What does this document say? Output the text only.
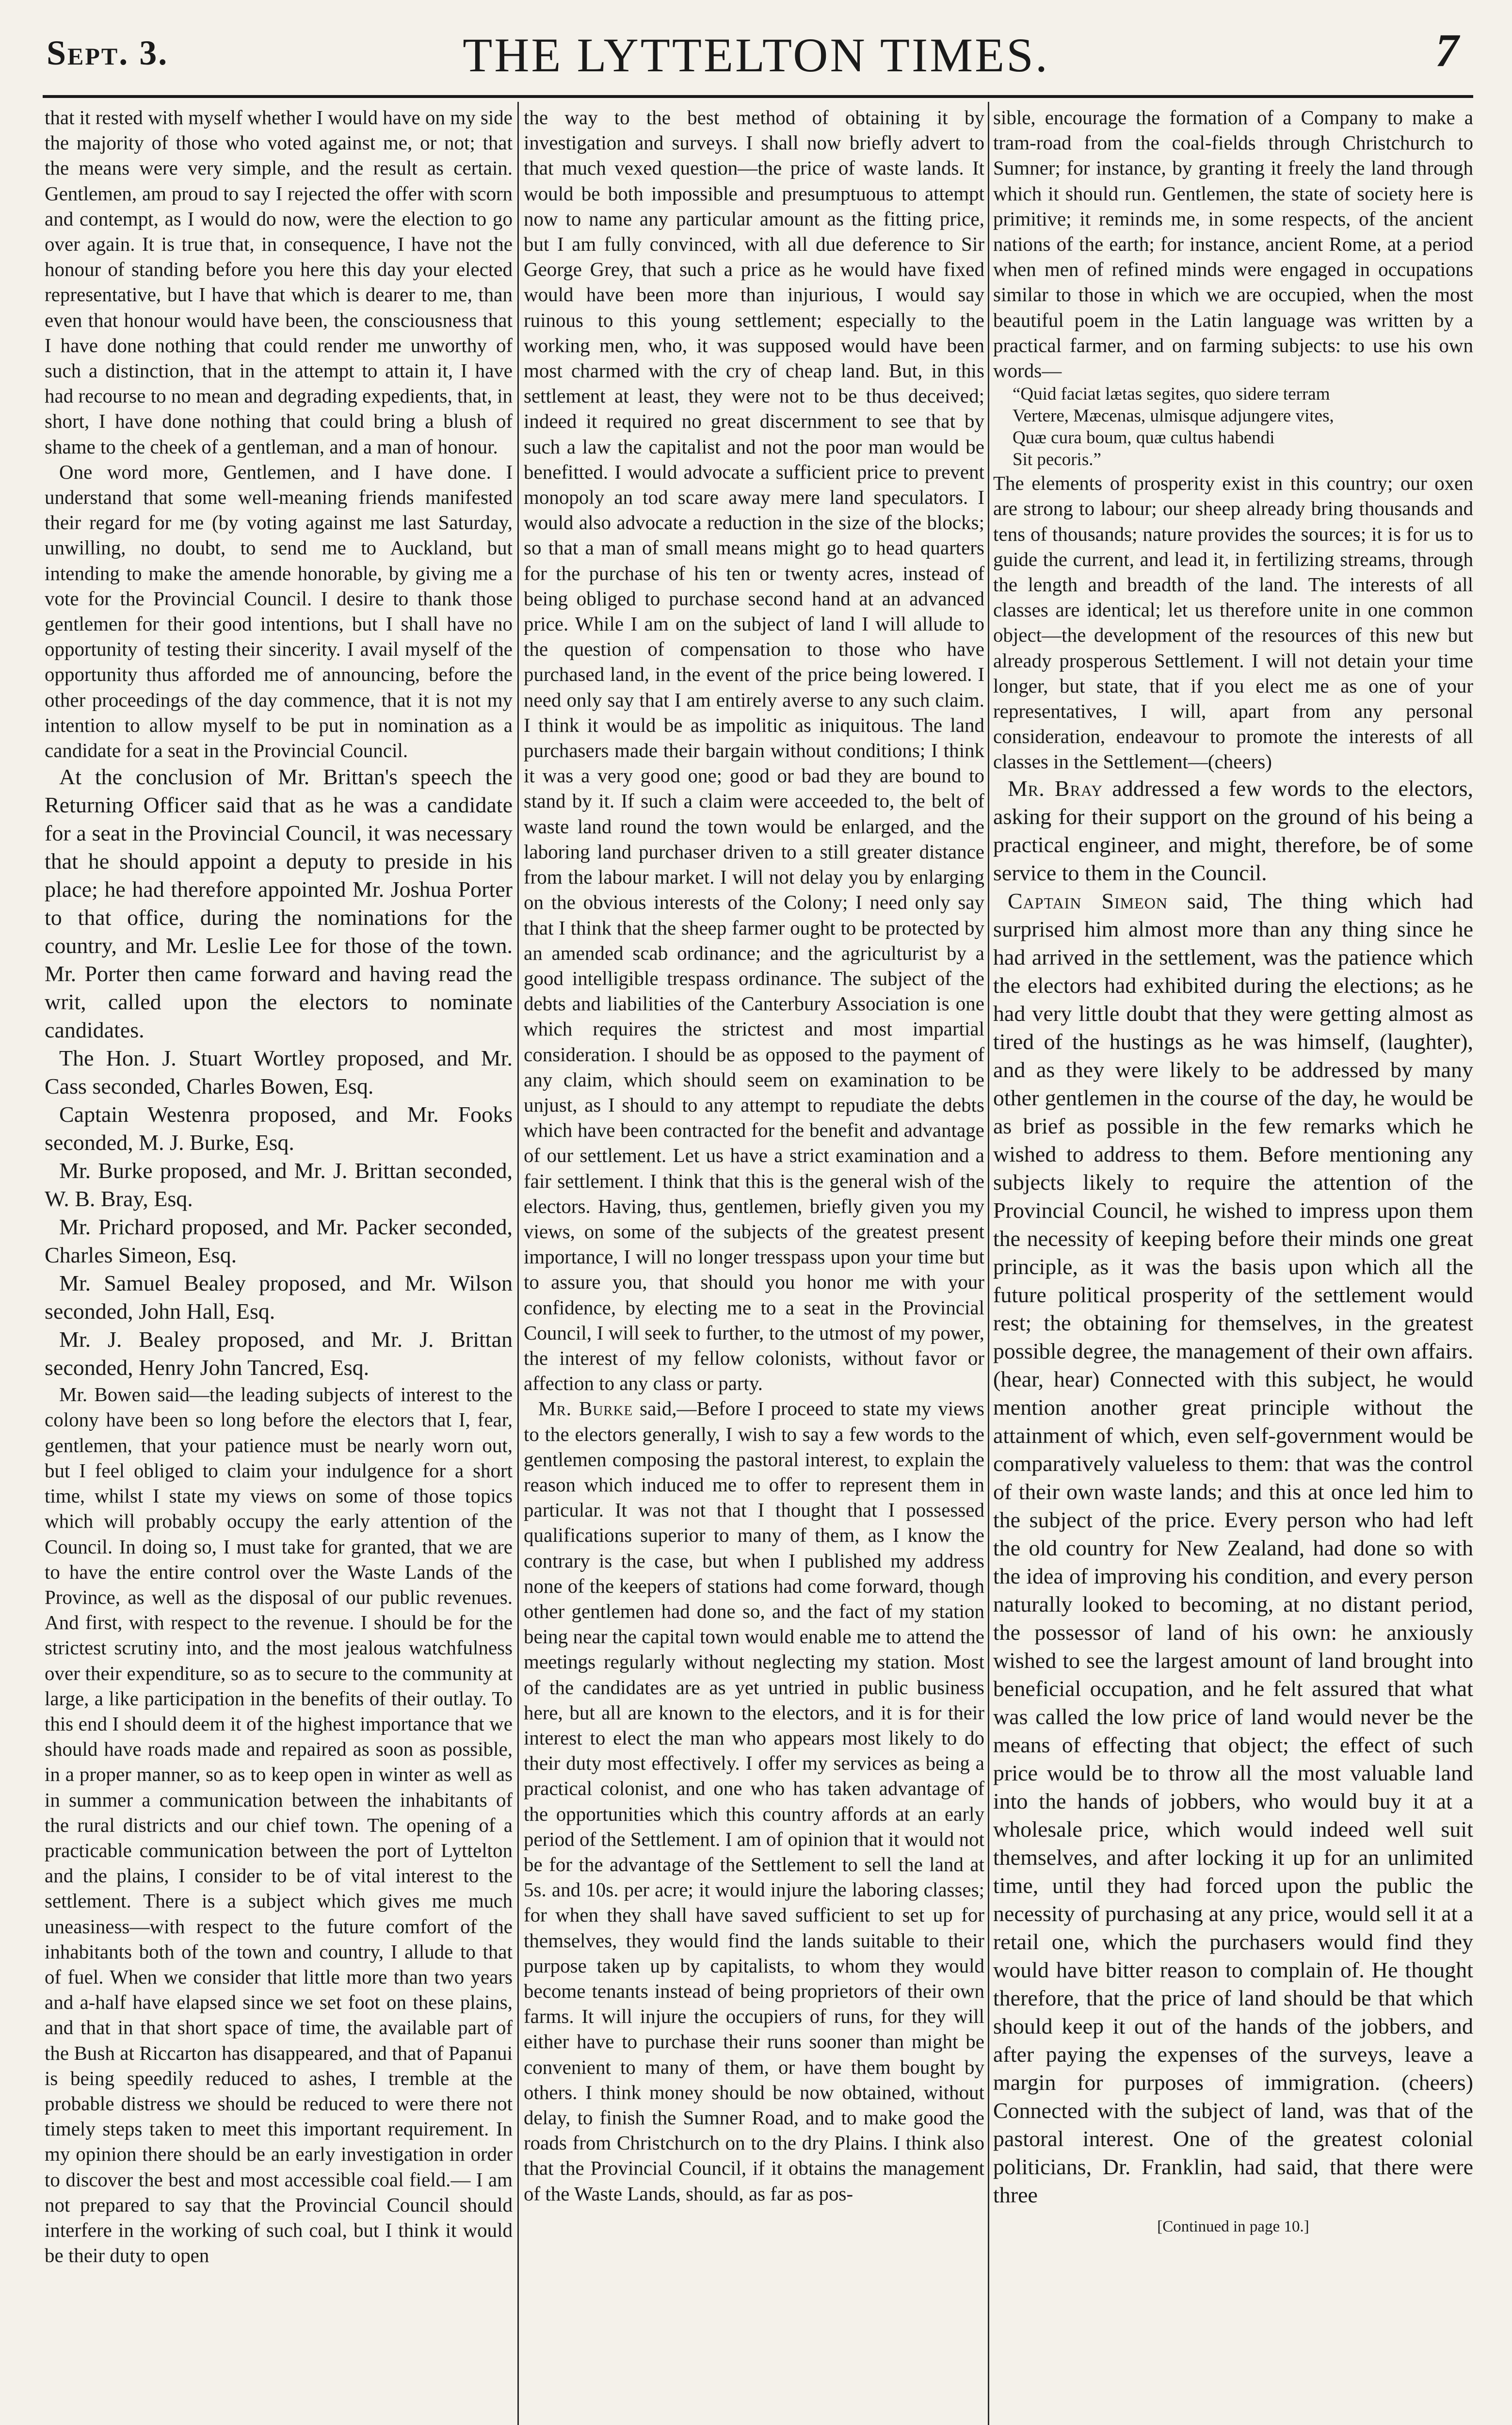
Sept. 3.	THE LYTTELTON TIMES.	7

that it rested with myself whether I would have on my side the majority of those who voted against me, or not; that the means were very simple, and the result as certain. Gentlemen, am proud to say I rejected the offer with scorn and contempt, as I would do now, were the election to go over again. It is true that, in consequence, I have not the honour of standing before you here this day your elected representative, but I have that which is dearer to me, than even that honour would have been, the consciousness that I have done nothing that could render me unworthy of such a distinction, that in the attempt to attain it, I have had recourse to no mean and degrading expedients, that, in short, I have done nothing that could bring a blush of shame to the cheek of a gentleman, and a man of honour.

One word more, Gentlemen, and I have done. I understand that some well-meaning friends manifested their regard for me (by voting against me last Saturday, unwilling, no doubt, to send me to Auckland, but intending to make the amende honorable, by giving me a vote for the Provincial Council. I desire to thank those gentlemen for their good intentions, but I shall have no opportunity of testing their sincerity. I avail myself of the opportunity thus afforded me of announcing, before the other proceedings of the day commence, that it is not my intention to allow myself to be put in nomination as a candidate for a seat in the Provincial Council.

At the conclusion of Mr. Brittan's speech the Returning Officer said that as he was a candidate for a seat in the Provincial Council, it was necessary that he should appoint a deputy to preside in his place; he had therefore appointed Mr. Joshua Porter to that office, during the nominations for the country, and Mr. Leslie Lee for those of the town. Mr. Porter then came forward and having read the writ, called upon the electors to nominate candidates.

The Hon. J. Stuart Wortley proposed, and Mr. Cass seconded, Charles Bowen, Esq.

Captain Westenra proposed, and Mr. Fooks seconded, M. J. Burke, Esq.

Mr. Burke proposed, and Mr. J. Brittan seconded, W. B. Bray, Esq.

Mr. Prichard proposed, and Mr. Packer seconded, Charles Simeon, Esq.

Mr. Samuel Bealey proposed, and Mr. Wilson seconded, John Hall, Esq.

Mr. J. Bealey proposed, and Mr. J. Brittan seconded, Henry John Tancred, Esq.

Mr. Bowen said—the leading subjects of interest to the colony have been so long before the electors that I, fear, gentlemen, that your patience must be nearly worn out, but I feel obliged to claim your indulgence for a short time, whilst I state my views on some of those topics which will probably occupy the early attention of the Council. In doing so, I must take for granted, that we are to have the entire control over the Waste Lands of the Province, as well as the disposal of our public revenues. And first, with respect to the revenue. I should be for the strictest scrutiny into, and the most jealous watchfulness over their expenditure, so as to secure to the community at large, a like participation in the benefits of their outlay. To this end I should deem it of the highest importance that we should have roads made and repaired as soon as possible, in a proper manner, so as to keep open in winter as well as in summer a communication between the inhabitants of the rural districts and our chief town. The opening of a practicable communication between the port of Lyttelton and the plains, I consider to be of vital interest to the settlement. There is a subject which gives me much uneasiness—with respect to the future comfort of the inhabitants both of the town and country, I allude to that of fuel. When we consider that little more than two years and a-half have elapsed since we set foot on these plains, and that in that short space of time, the available part of the Bush at Riccarton has disappeared, and that of Papanui is being speedily reduced to ashes, I tremble at the probable distress we should be reduced to were there not timely steps taken to meet this important requirement. In my opinion there should be an early investigation in order to discover the best and most accessible coal field.— I am not prepared to say that the Provincial Council should interfere in the working of such coal, but I think it would be their duty to open

the way to the best method of obtaining it by investigation and surveys. I shall now briefly advert to that much vexed question—the price of waste lands. It would be both impossible and presumptuous to attempt now to name any particular amount as the fitting price, but I am fully convinced, with all due deference to Sir George Grey, that such a price as he would have fixed would have been more than injurious, I would say ruinous to this young settlement; especially to the working men, who, it was supposed would have been most charmed with the cry of cheap land. But, in this settlement at least, they were not to be thus deceived; indeed it required no great discernment to see that by such a law the capitalist and not the poor man would be benefitted. I would advocate a sufficient price to prevent monopoly an tod scare away mere land speculators. I would also advocate a reduction in the size of the blocks; so that a man of small means might go to head quarters for the purchase of his ten or twenty acres, instead of being obliged to purchase second hand at an advanced price. While I am on the subject of land I will allude to the question of compensation to those who have purchased land, in the event of the price being lowered. I need only say that I am entirely averse to any such claim. I think it would be as impolitic as iniquitous. The land purchasers made their bargain without conditions; I think it was a very good one; good or bad they are bound to stand by it. If such a claim were acceeded to, the belt of waste land round the town would be enlarged, and the laboring land purchaser driven to a still greater distance from the labour market. I will not delay you by enlarging on the obvious interests of the Colony; I need only say that I think that the sheep farmer ought to be protected by an amended scab ordinance; and the agriculturist by a good intelligible trespass ordinance. The subject of the debts and liabilities of the Canterbury Association is one which requires the strictest and most impartial consideration. I should be as opposed to the payment of any claim, which should seem on examination to be unjust, as I should to any attempt to repudiate the debts which have been contracted for the benefit and advantage of our settlement. Let us have a strict examination and a fair settlement. I think that this is the general wish of the electors. Having, thus, gentlemen, briefly given you my views, on some of the subjects of the greatest present importance, I will no longer tresspass upon your time but to assure you, that should you honor me with your confidence, by electing me to a seat in the Provincial Council, I will seek to further, to the utmost of my power, the interest of my fellow colonists, without favor or affection to any class or party.

Mr. Burke said,—Before I proceed to state my views to the electors generally, I wish to say a few words to the gentlemen composing the pastoral interest, to explain the reason which induced me to offer to represent them in particular. It was not that I thought that I possessed qualifications superior to many of them, as I know the contrary is the case, but when I published my address none of the keepers of stations had come forward, though other gentlemen had done so, and the fact of my station being near the capital town would enable me to attend the meetings regularly without neglecting my station. Most of the candidates are as yet untried in public business here, but all are known to the electors, and it is for their interest to elect the man who appears most likely to do their duty most effectively. I offer my services as being a practical colonist, and one who has taken advantage of the opportunities which this country affords at an early period of the Settlement. I am of opinion that it would not be for the advantage of the Settlement to sell the land at 5s. and 10s. per acre; it would injure the laboring classes; for when they shall have saved sufficient to set up for themselves, they would find the lands suitable to their purpose taken up by capitalists, to whom they would become tenants instead of being proprietors of their own farms. It will injure the occupiers of runs, for they will either have to purchase their runs sooner than might be convenient to many of them, or have them bought by others. I think money should be now obtained, without delay, to finish the Sumner Road, and to make good the roads from Christchurch on to the dry Plains. I think also that the Provincial Council, if it obtains the management of the Waste Lands, should, as far as pos-

sible, encourage the formation of a Company to make a tram-road from the coal-fields through Christchurch to Sumner; for instance, by granting it freely the land through which it should run. Gentlemen, the state of society here is primitive; it reminds me, in some respects, of the ancient nations of the earth; for instance, ancient Rome, at a period when men of refined minds were engaged in occupations similar to those in which we are occupied, when the most beautiful poem in the Latin language was written by a practical farmer, and on farming subjects: to use his own words—

“Quid faciat lætas segites, quo sidere terram
Vertere, Mæcenas, ulmisque adjungere vites,
Quæ cura boum, quæ cultus habendi
Sit pecoris.”

The elements of prosperity exist in this country; our oxen are strong to labour; our sheep already bring thousands and tens of thousands; nature provides the sources; it is for us to guide the current, and lead it, in fertilizing streams, through the length and breadth of the land. The interests of all classes are identical; let us therefore unite in one common object—the development of the resources of this new but already prosperous Settlement. I will not detain your time longer, but state, that if you elect me as one of your representatives, I will, apart from any personal consideration, endeavour to promote the interests of all classes in the Settlement—(cheers)

Mr. Bray addressed a few words to the electors, asking for their support on the ground of his being a practical engineer, and might, therefore, be of some service to them in the Council.

Captain Simeon said, The thing which had surprised him almost more than any thing since he had arrived in the settlement, was the patience which the electors had exhibited during the elections; as he had very little doubt that they were getting almost as tired of the hustings as he was himself, (laughter), and as they were likely to be addressed by many other gentlemen in the course of the day, he would be as brief as possible in the few remarks which he wished to address to them. Before mentioning any subjects likely to require the attention of the Provincial Council, he wished to impress upon them the necessity of keeping before their minds one great principle, as it was the basis upon which all the future political prosperity of the settlement would rest; the obtaining for themselves, in the greatest possible degree, the management of their own affairs. (hear, hear) Connected with this subject, he would mention another great principle without the attainment of which, even self-government would be comparatively valueless to them: that was the control of their own waste lands; and this at once led him to the subject of the price. Every person who had left the old country for New Zealand, had done so with the idea of improving his condition, and every person naturally looked to becoming, at no distant period, the possessor of land of his own: he anxiously wished to see the largest amount of land brought into beneficial occupation, and he felt assured that what was called the low price of land would never be the means of effecting that object; the effect of such price would be to throw all the most valuable land into the hands of jobbers, who would buy it at a wholesale price, which would indeed well suit themselves, and after locking it up for an unlimited time, until they had forced upon the public the necessity of purchasing at any price, would sell it at a retail one, which the purchasers would find they would have bitter reason to complain of. He thought therefore, that the price of land should be that which should keep it out of the hands of the jobbers, and after paying the expenses of the surveys, leave a margin for purposes of immigration. (cheers) Connected with the subject of land, was that of the pastoral interest. One of the greatest colonial politicians, Dr. Franklin, had said, that there were three

[Continued in page 10.]
